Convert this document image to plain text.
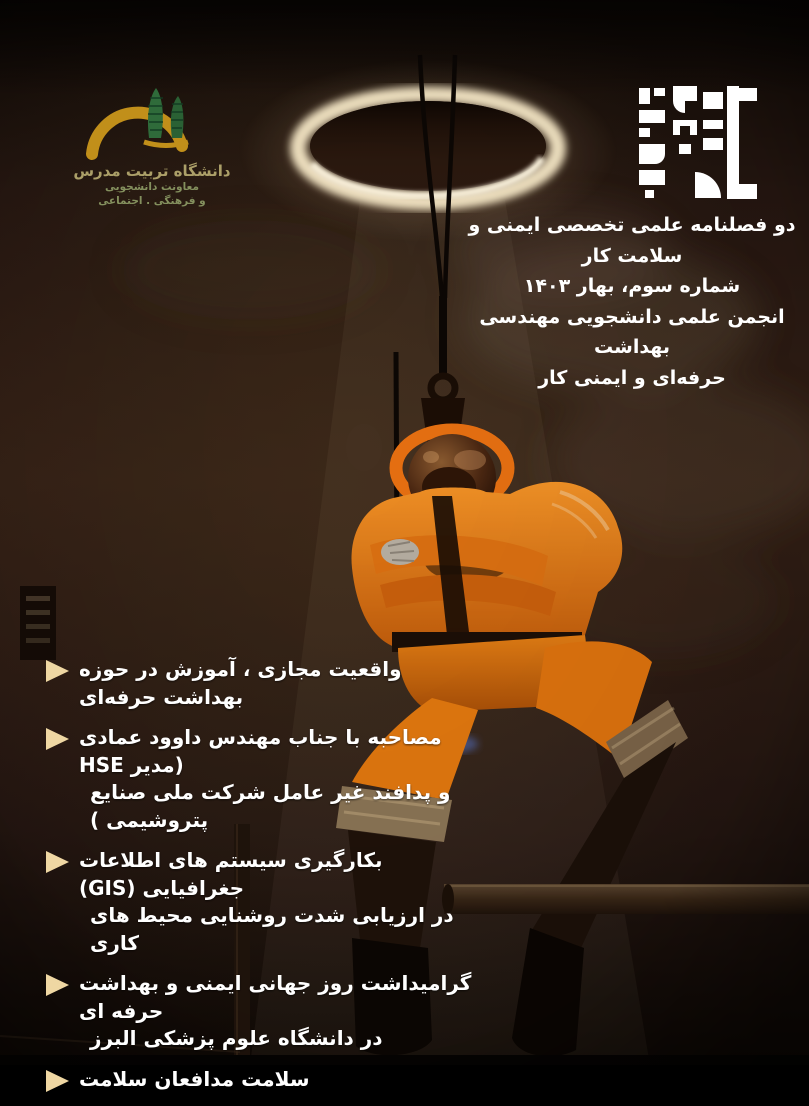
دانشگاه تربیت مدرس
معاونت دانشجویی
و فرهنگی . اجتماعی
دو فصلنامه علمی تخصصی ایمنی و سلامت کار
شماره سوم، بهار ۱۴۰۳
انجمن علمی دانشجویی مهندسی بهداشت
حرفه‌ای و ایمنی کار
واقعیت مجازی ، آموزش در حوزه بهداشت حرفه‌ای
مصاحبه با جناب مهندس داوود عمادی (مدیر HSE
و پدافند غیر عامل شرکت ملی صنایع پتروشیمی )
بکارگیری سیستم های اطلاعات جغرافیایی (GIS)
در ارزیابی شدت روشنایی محیط های کاری
گرامیداشت روز جهانی ایمنی و بهداشت حرفه ای
در دانشگاه علوم پزشکی البرز
سلامت مدافعان سلامت
